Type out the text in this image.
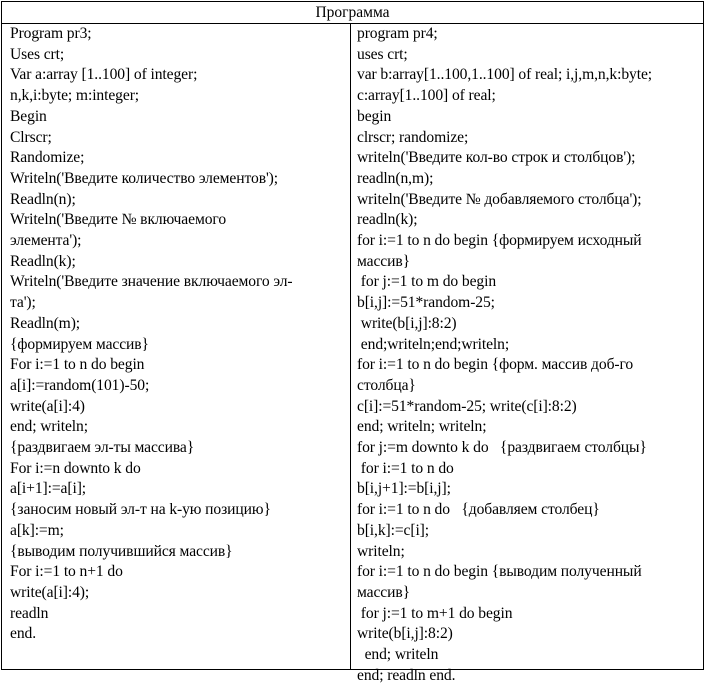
Программа
Program pr3;
Uses crt;
Var a:array [1..100] of integer;
n,k,i:byte; m:integer;
Begin
Clrscr;
Randomize;
Writeln('Введите количество элементов');
Readln(n);
Writeln('Введите № включаемого
элемента');
Readln(k);
Writeln('Введите значение включаемого эл-
та');
Readln(m);
{формируем массив}
For i:=1 to n do begin
a[i]:=random(101)-50;
write(a[i]:4)
end; writeln;
{раздвигаем эл-ты массива}
For i:=n downto k do
a[i+1]:=a[i];
{заносим новый эл-т на k-ую позицию}
a[k]:=m;
{выводим получившийся массив}
For i:=1 to n+1 do
write(a[i]:4);
readln
end.
program pr4;
uses crt;
var b:array[1..100,1..100] of real; i,j,m,n,k:byte;
c:array[1..100] of real;
begin
clrscr; randomize;
writeln('Введите кол-во строк и столбцов');
readln(n,m);
writeln('Введите № добавляемого столбца');
readln(k);
for i:=1 to n do begin {формируем исходный
массив}
for j:=1 to m do begin
b[i,j]:=51*random-25;
write(b[i,j]:8:2)
end;writeln;end;writeln;
for i:=1 to n do begin {форм. массив доб-го
столбца}
c[i]:=51*random-25; write(c[i]:8:2)
end; writeln; writeln;
for j:=m downto k do   {раздвигаем столбцы}
for i:=1 to n do
b[i,j+1]:=b[i,j];
for i:=1 to n do   {добавляем столбец}
b[i,k]:=c[i];
writeln;
for i:=1 to n do begin {выводим полученный
массив}
for j:=1 to m+1 do begin
write(b[i,j]:8:2)
end; writeln
end; readln end.
